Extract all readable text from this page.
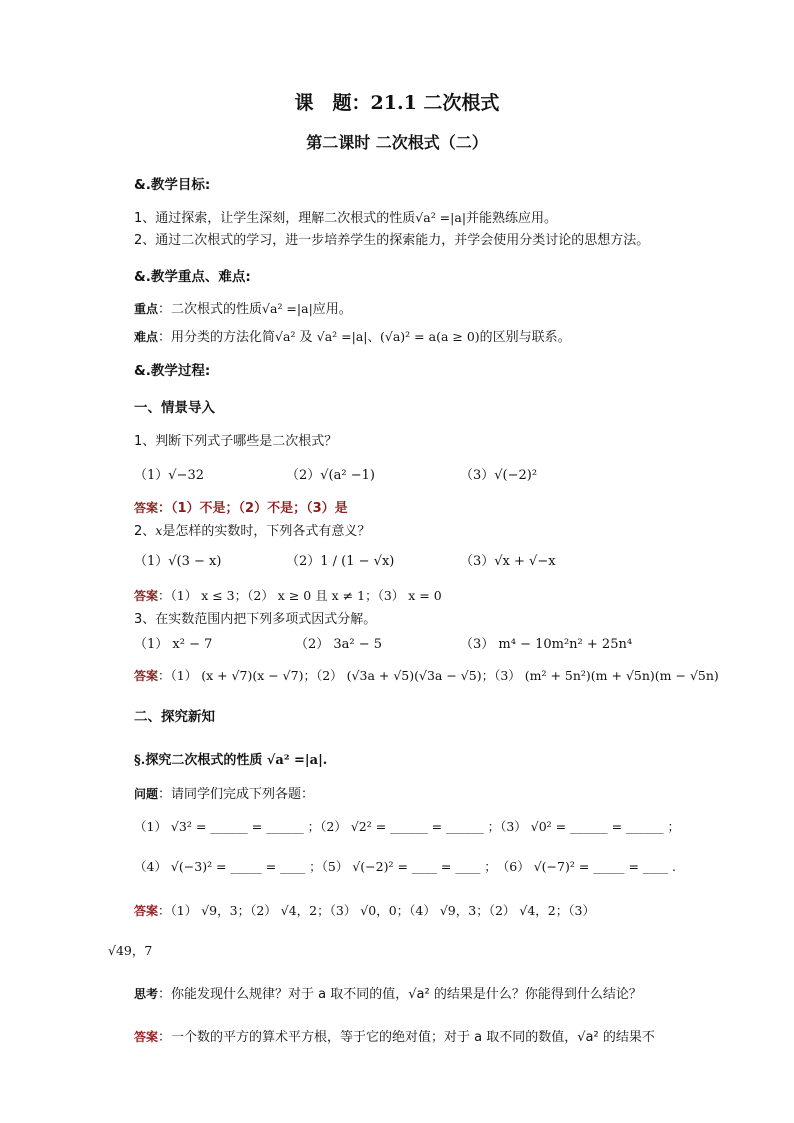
课　题：21.1 二次根式
第二课时 二次根式（二）
&.教学目标:
1、通过探索，让学生深刻，理解二次根式的性质√a² =|a|并能熟练应用。
2、通过二次根式的学习，进一步培养学生的探索能力，并学会使用分类讨论的思想方法。
&.教学重点、难点:
重点：二次根式的性质√a² =|a|应用。
难点：用分类的方法化简√a² 及 √a² =|a|、(√a)² = a(a ≥ 0)的区别与联系。
&.教学过程:
一、情景导入
1、判断下列式子哪些是二次根式？
（1）√−32	（2）√(a² −1)	（3）√(−2)²
答案：（1）不是；（2）不是；（3）是
2、x是怎样的实数时，下列各式有意义？
（1）√(3 − x)	（2）1 / (1 − √x)	（3）√x + √−x
答案：（1） x ≤ 3；（2） x ≥ 0 且 x ≠ 1；（3） x = 0
3、在实数范围内把下列多项式因式分解。
（1） x² − 7	（2） 3a² − 5	（3） m⁴ − 10m²n² + 25n⁴
答案：（1） (x + √7)(x − √7)；（2） (√3a + √5)(√3a − √5)；（3） (m² + 5n²)(m + √5n)(m − √5n)
二、探究新知
§.探究二次根式的性质 √a² =|a|.
问题：请同学们完成下列各题：
（1） √3² = ______ = ______ ；（2） √2² = ______ = ______ ；（3） √0² = ______ = ______ ；
（4） √(−3)² = _____ = ____ ；（5） √(−2)² = ____ = ____ ；　（6） √(−7)² = _____ = ____ .
答案：（1） √9，3；（2） √4，2；（3） √0，0；（4） √9，3；（2） √4，2；（3）
√49，7
思考：你能发现什么规律？对于 a 取不同的值，√a² 的结果是什么？你能得到什么结论？
答案：一个数的平方的算术平方根，等于它的绝对值；对于 a 取不同的数值，√a² 的结果不
